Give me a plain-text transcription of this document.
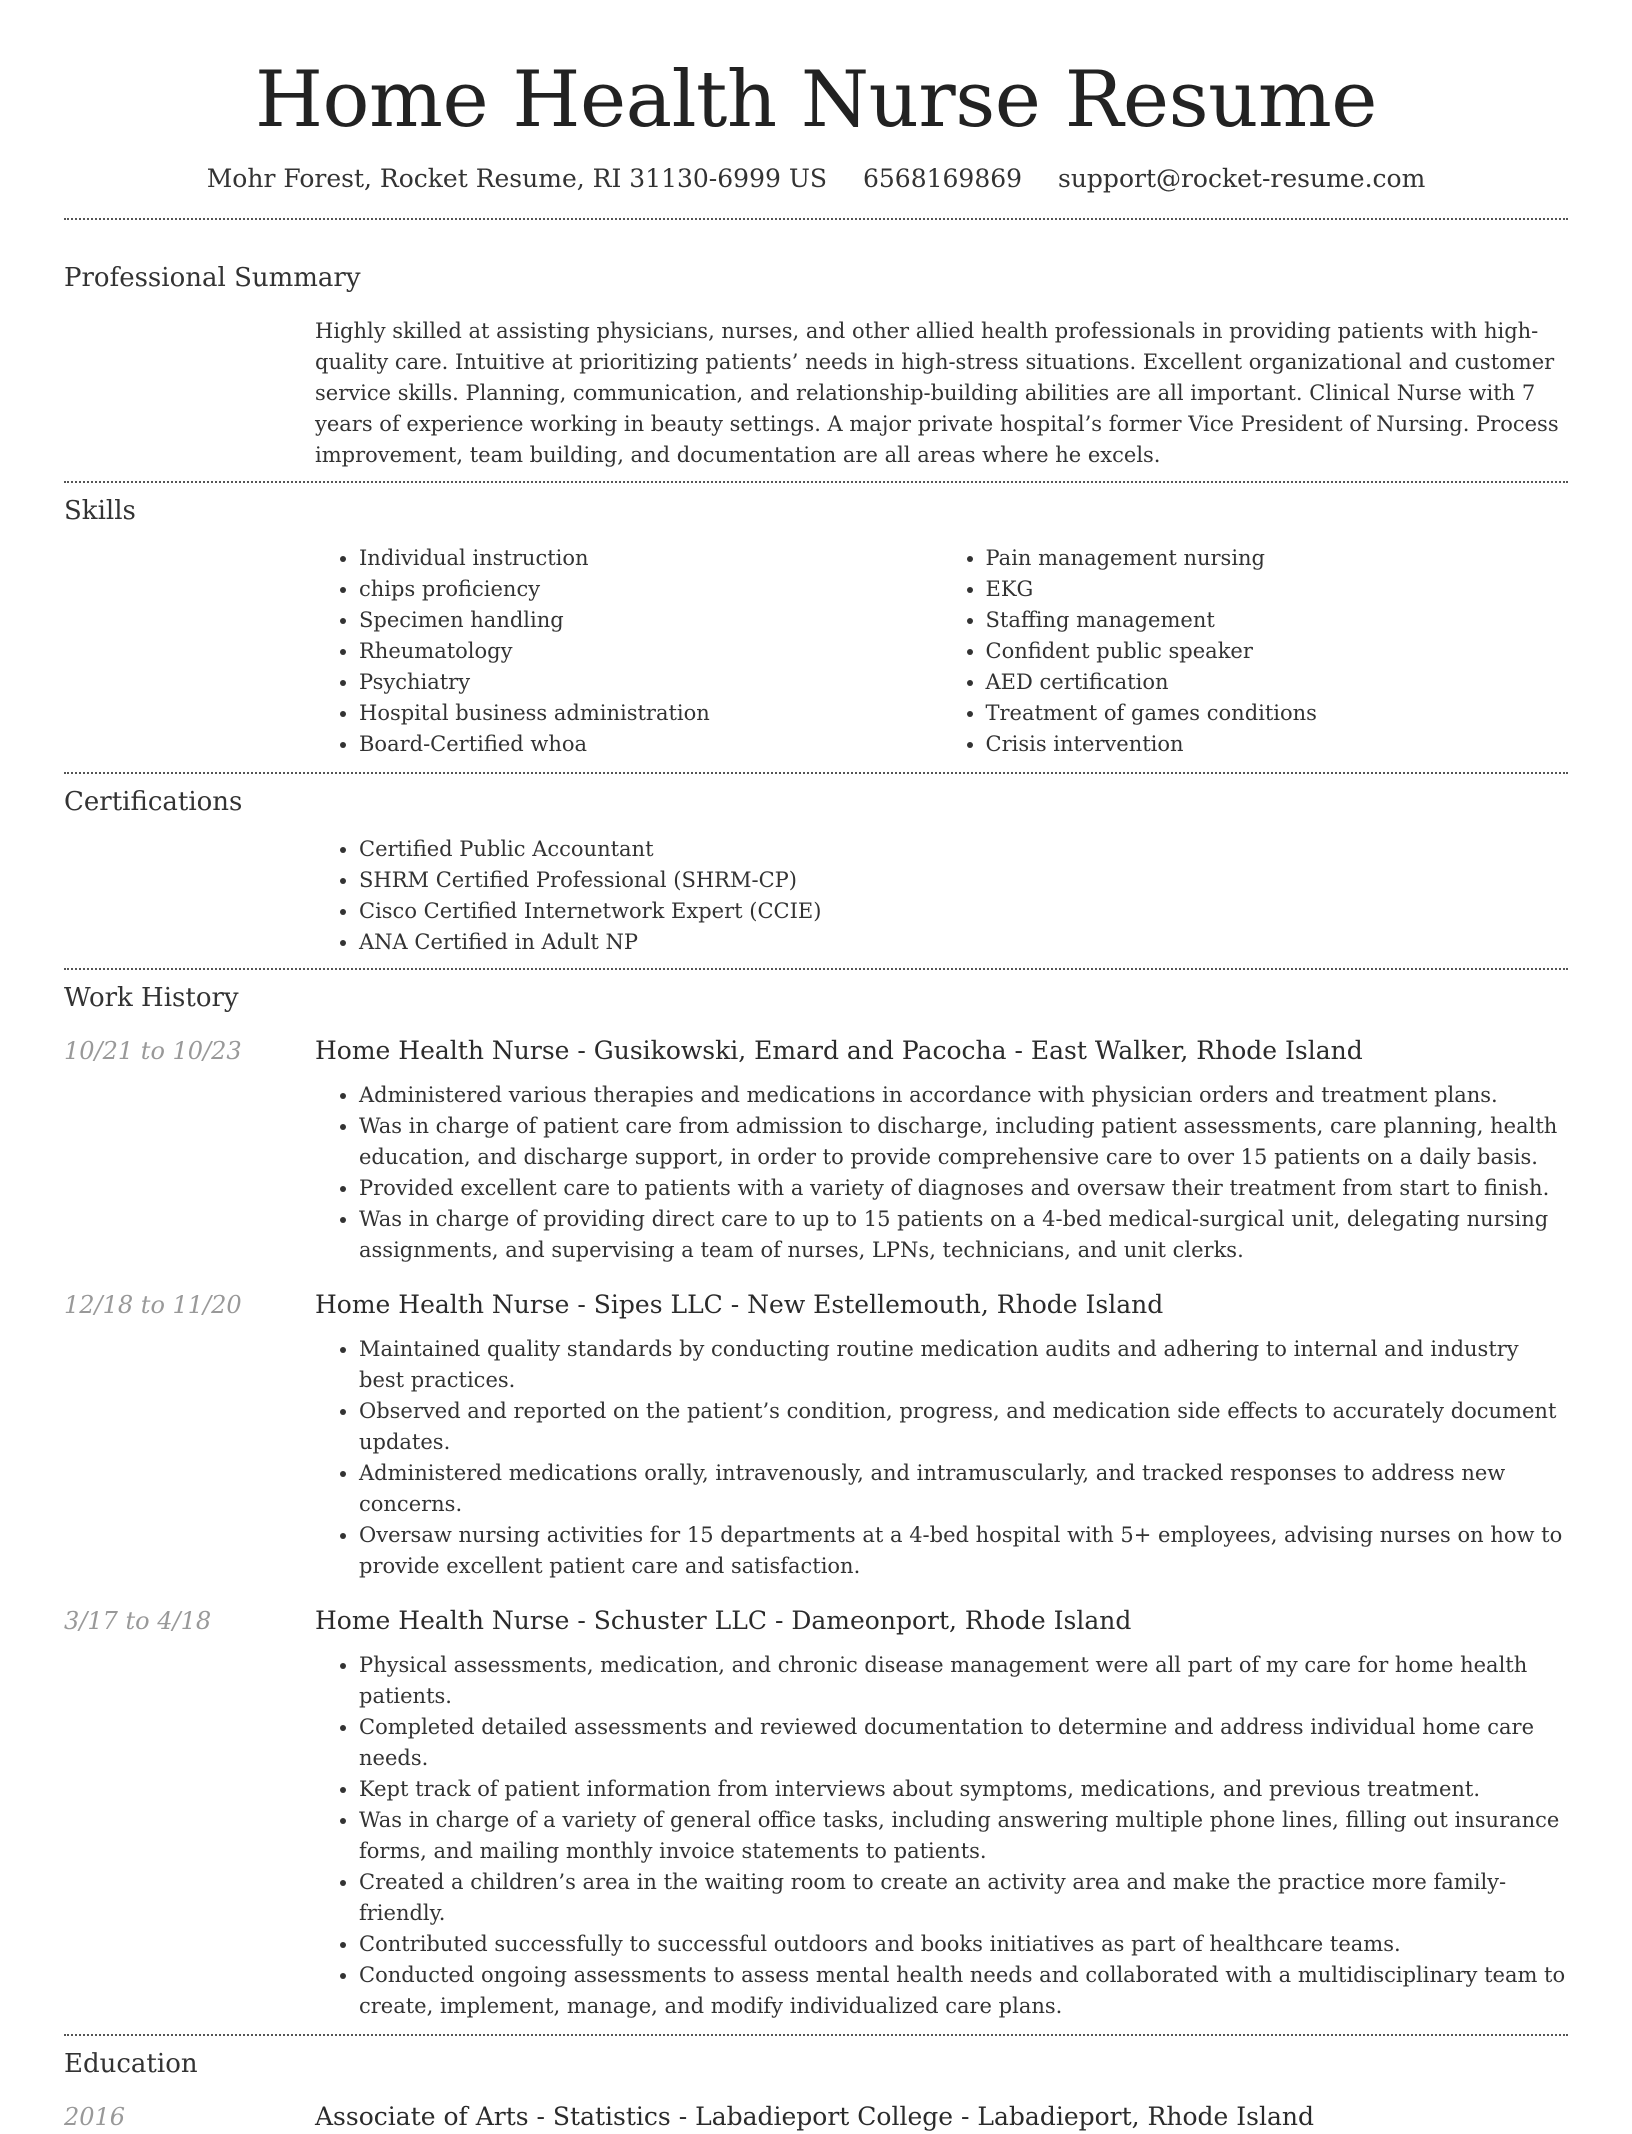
Home Health Nurse Resume
Mohr Forest, Rocket Resume, RI 31130-6999 US 6568169869 support@rocket-resume.com
Professional Summary

Highly skilled at assisting physicians, nurses, and other allied health professionals in providing patients with high-quality care. Intuitive at prioritizing patients’ needs in high-stress situations. Excellent organizational and customer service skills. Planning, communication, and relationship-building abilities are all important. Clinical Nurse with 7 years of experience working in beauty settings. A major private hospital’s former Vice President of Nursing. Process improvement, team building, and documentation are all areas where he excels.

Skills
• Individual instruction
• chips proficiency
• Specimen handling
• Rheumatology
• Psychiatry
• Hospital business administration
• Board-Certified whoa
• Pain management nursing
• EKG
• Staffing management
• Confident public speaker
• AED certification
• Treatment of games conditions
• Crisis intervention
Certifications
• Certified Public Accountant
• SHRM Certified Professional (SHRM-CP)
• Cisco Certified Internetwork Expert (CCIE)
• ANA Certified in Adult NP
Work History
10/21 to 10/23	Home Health Nurse - Gusikowski, Emard and Pacocha - East Walker, Rhode Island
• Administered various therapies and medications in accordance with physician orders and treatment plans.
• Was in charge of patient care from admission to discharge, including patient assessments, care planning, health education, and discharge support, in order to provide comprehensive care to over 15 patients on a daily basis.
• Provided excellent care to patients with a variety of diagnoses and oversaw their treatment from start to finish.
• Was in charge of providing direct care to up to 15 patients on a 4-bed medical-surgical unit, delegating nursing assignments, and supervising a team of nurses, LPNs, technicians, and unit clerks.
12/18 to 11/20	Home Health Nurse - Sipes LLC - New Estellemouth, Rhode Island
• Maintained quality standards by conducting routine medication audits and adhering to internal and industry best practices.
• Observed and reported on the patient’s condition, progress, and medication side effects to accurately document updates.
• Administered medications orally, intravenously, and intramuscularly, and tracked responses to address new concerns.
• Oversaw nursing activities for 15 departments at a 4-bed hospital with 5+ employees, advising nurses on how to provide excellent patient care and satisfaction.
3/17 to 4/18	Home Health Nurse - Schuster LLC - Dameonport, Rhode Island
• Physical assessments, medication, and chronic disease management were all part of my care for home health patients.
• Completed detailed assessments and reviewed documentation to determine and address individual home care needs.
• Kept track of patient information from interviews about symptoms, medications, and previous treatment.
• Was in charge of a variety of general office tasks, including answering multiple phone lines, filling out insurance forms, and mailing monthly invoice statements to patients.
• Created a children’s area in the waiting room to create an activity area and make the practice more family-friendly.
• Contributed successfully to successful outdoors and books initiatives as part of healthcare teams.
• Conducted ongoing assessments to assess mental health needs and collaborated with a multidisciplinary team to create, implement, manage, and modify individualized care plans.
Education
2016	Associate of Arts - Statistics - Labadieport College - Labadieport, Rhode Island
